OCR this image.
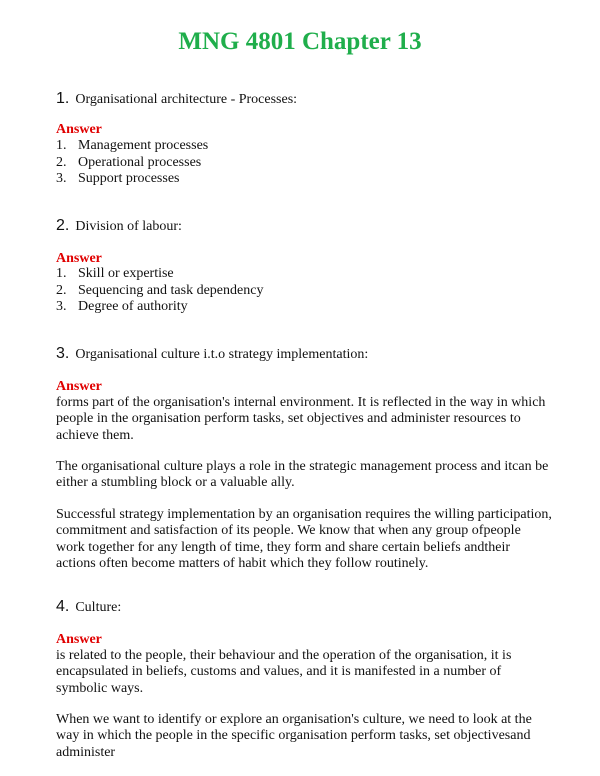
MNG 4801 Chapter 13
1. Organisational architecture - Processes:
Answer
1. Management processes
2. Operational processes
3. Support processes
2. Division of labour:
Answer
1. Skill or expertise
2. Sequencing and task dependency
3. Degree of authority
3. Organisational culture i.t.o strategy implementation:
Answer

forms part of the organisation's internal environment. It is reflected in the way in which people in the organisation perform tasks, set objectives and administer resources to achieve them.

The organisational culture plays a role in the strategic management process and itcan be either a stumbling block or a valuable ally.

Successful strategy implementation by an organisation requires the willing participation, commitment and satisfaction of its people. We know that when any group ofpeople work together for any length of time, they form and share certain beliefs andtheir actions often become matters of habit which they follow routinely.

4. Culture:
Answer

is related to the people, their behaviour and the operation of the organisation, it is encapsulated in beliefs, customs and values, and it is manifested in a number of symbolic ways.

When we want to identify or explore an organisation's culture, we need to look at the way in which the people in the specific organisation perform tasks, set objectivesand administer
